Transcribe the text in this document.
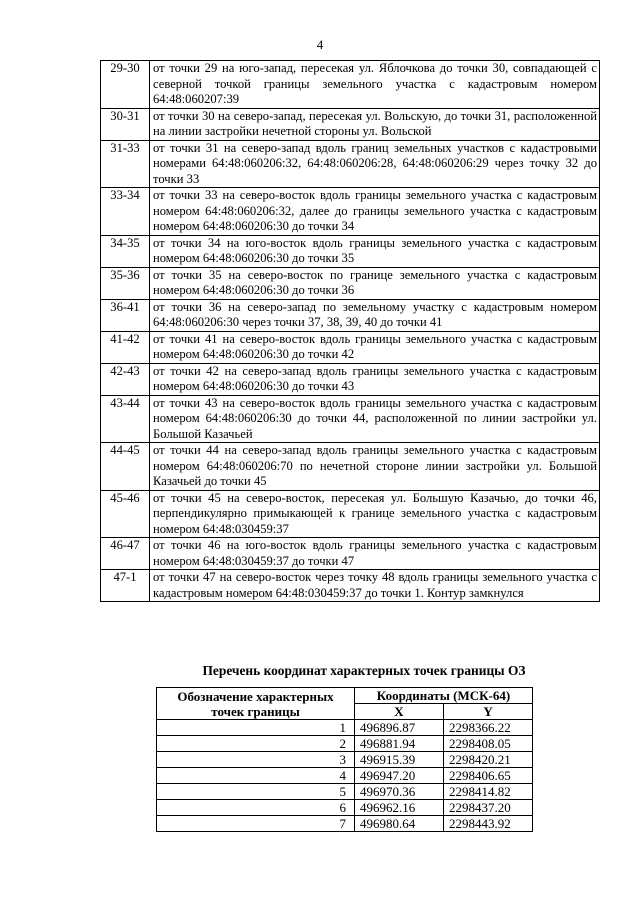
4
29-30	от точки 29 на юго-запад, пересекая ул. Яблочкова до точки 30, совпадающей с северной точкой границы земельного участка с кадастровым номером 64:48:060207:39
30-31	от точки 30 на северо-запад, пересекая ул. Вольскую, до точки 31, расположенной на линии застройки нечетной стороны ул. Вольской
31-33	от точки 31 на северо-запад вдоль границ земельных участков с кадастровыми номерами 64:48:060206:32, 64:48:060206:28, 64:48:060206:29 через точку 32 до точки 33
33-34	от точки 33 на северо-восток вдоль границы земельного участка с кадастровым номером 64:48:060206:32, далее до границы земельного участка с кадастровым номером 64:48:060206:30 до точки 34
34-35	от точки 34 на юго-восток вдоль границы земельного участка с кадастровым номером 64:48:060206:30 до точки 35
35-36	от точки 35 на северо-восток по границе земельного участка с кадастровым номером 64:48:060206:30 до точки 36
36-41	от точки 36 на северо-запад по земельному участку с кадастровым номером 64:48:060206:30 через точки 37, 38, 39, 40 до точки 41
41-42	от точки 41 на северо-восток вдоль границы земельного участка с кадастровым номером 64:48:060206:30 до точки 42
42-43	от точки 42 на северо-запад вдоль границы земельного участка с кадастровым номером 64:48:060206:30 до точки 43
43-44	от точки 43 на северо-восток вдоль границы земельного участка с кадастровым номером 64:48:060206:30 до точки 44, расположенной по линии застройки ул. Большой Казачьей
44-45	от точки 44 на северо-запад вдоль границы земельного участка с кадастровым номером 64:48:060206:70 по нечетной стороне линии застройки ул. Большой Казачьей до точки 45
45-46	от точки 45 на северо-восток, пересекая ул. Большую Казачью, до точки 46, перпендикулярно примыкающей к границе земельного участка с кадастровым номером 64:48:030459:37
46-47	от точки 46 на юго-восток вдоль границы земельного участка с кадастровым номером 64:48:030459:37 до точки 47
47-1	от точки 47 на северо-восток через точку 48 вдоль границы земельного участка с кадастровым номером 64:48:030459:37 до точки 1. Контур замкнулся
Перечень координат характерных точек границы ОЗ
Обозначение характерных точек границы	Координаты (МСК-64)	
	X	Y
1	496896.87	2298366.22
2	496881.94	2298408.05
3	496915.39	2298420.21
4	496947.20	2298406.65
5	496970.36	2298414.82
6	496962.16	2298437.20
7	496980.64	2298443.92
